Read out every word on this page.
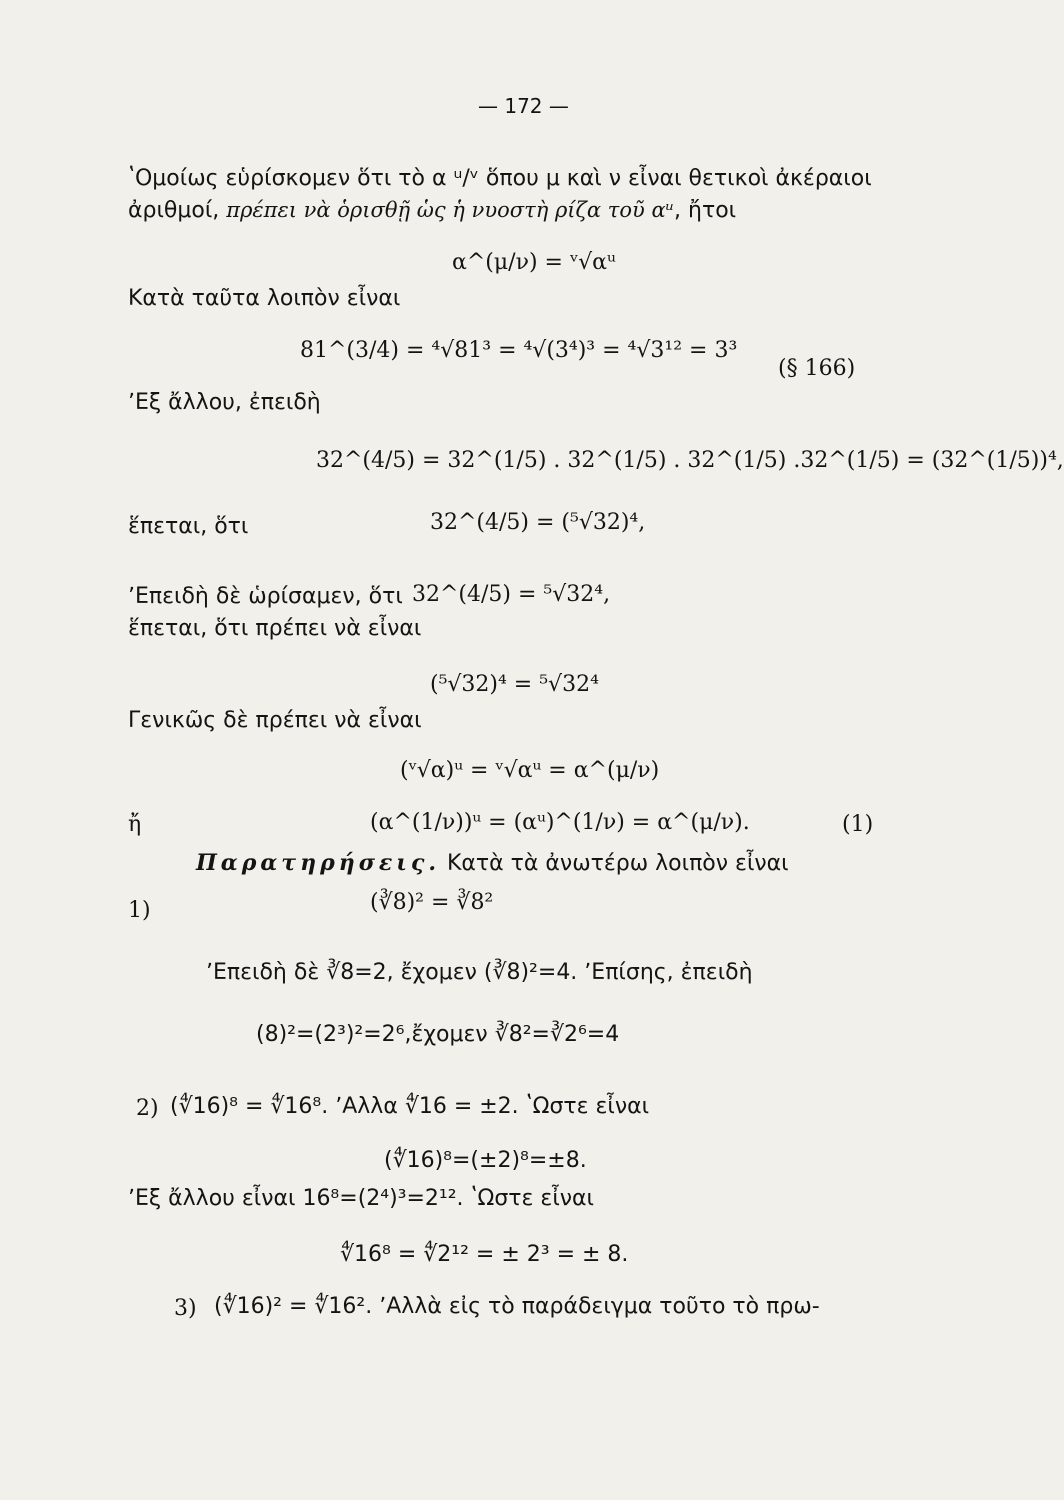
— 172 —
ʽΟμοίως εὑρίσκομεν ὅτι τὸ α ᵘ/ᵛ ὅπου μ καὶ ν εἶναι θετικοὶ ἀκέραιοι
ἀριθμοί, πρέπει νὰ ὁρισθῇ ὡς ἡ νυοστὴ ρίζα τοῦ αᵘ, ἤτοι
α^(μ/ν) = ᵛ√αᵘ
Κατὰ ταῦτα λοιπὸν εἶναι
81^(3/4) = ⁴√81³ = ⁴√(3⁴)³ = ⁴√3¹² = 3³
(§ 166)
ʼΕξ ἄλλου, ἐπειδὴ
32^(4/5) = 32^(1/5) . 32^(1/5) . 32^(1/5) .32^(1/5) = (32^(1/5))⁴,
ἕπεται, ὅτι	32^(4/5) = (⁵√32)⁴,
ʼΕπειδὴ δὲ ὡρίσαμεν, ὅτι 32^(4/5) = ⁵√32⁴,
ἕπεται, ὅτι πρέπει νὰ εἶναι
(⁵√32)⁴ = ⁵√32⁴
Γενικῶς δὲ πρέπει νὰ εἶναι
(ᵛ√α)ᵘ = ᵛ√αᵘ = α^(μ/ν)
ἤ	(α^(1/ν))ᵘ = (αᵘ)^(1/ν) = α^(μ/ν).	(1)
Παρατηρήσεις. Κατὰ τὰ ἀνωτέρω λοιπὸν εἶναι
1)	(∛8)² = ∛8²
ʼΕπειδὴ δὲ ∛8=2, ἔχομεν (∛8)²=4. ʼΕπίσης, ἐπειδὴ
(8)²=(2³)²=2⁶,ἔχομεν ∛8²=∛2⁶=4
2) (∜16)⁸ = ∜16⁸. ʼΑλλα ∜16 = ±2. ʽΩστε εἶναι
(∜16)⁸=(±2)⁸=±8.
ʼΕξ ἄλλου εἶναι 16⁸=(2⁴)³=2¹². ʽΩστε εἶναι
∜16⁸ = ∜2¹² = ± 2³ = ± 8.
3) (∜16)² = ∜16². ʼΑλλὰ εἰς τὸ παράδειγμα τοῦτο τὸ πρω-
